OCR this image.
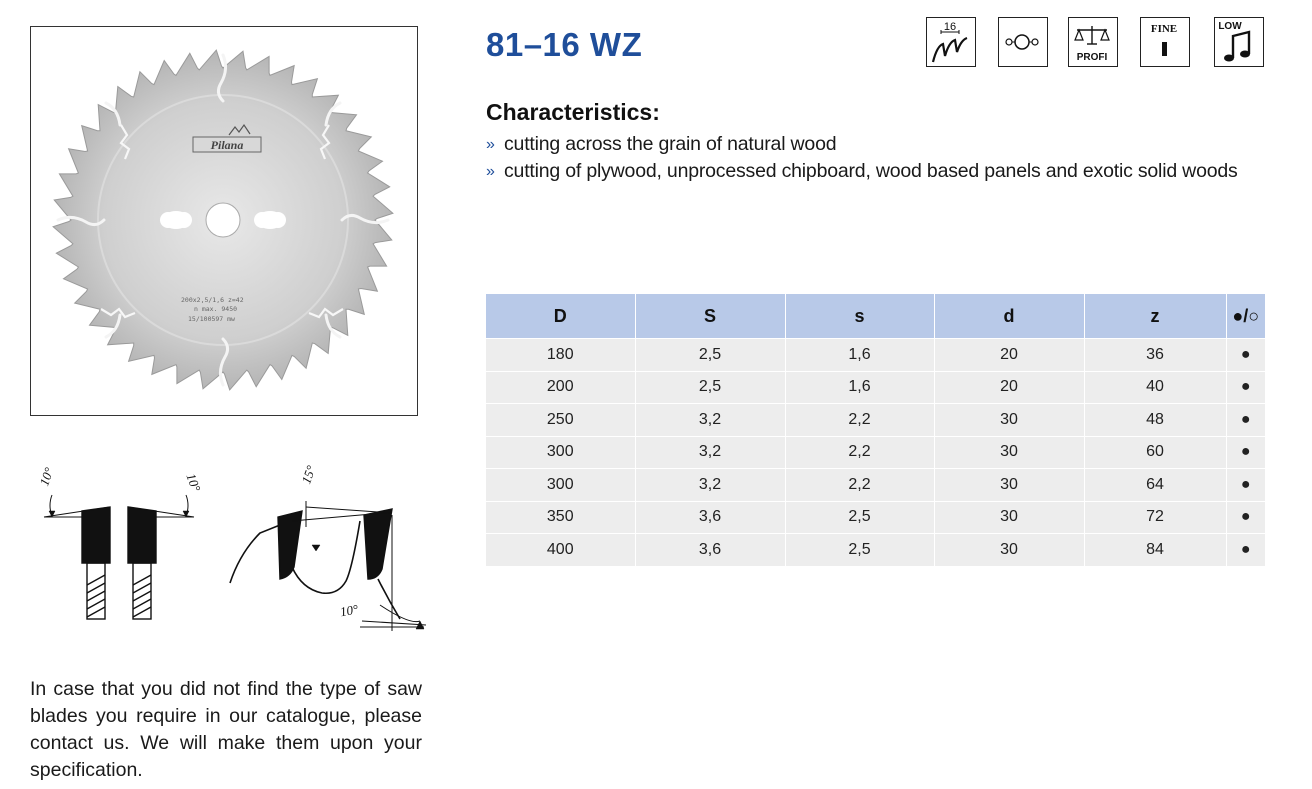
Pilana
200x2,5/1,6 z=42
n max. 9450
15/100597 mw
81–16 WZ	16
PROFI
FINE	LOW
Characteristics:
» cutting across the grain of natural wood
» cutting of plywood, unprocessed chipboard, wood based panels and exotic solid woods
D	S	s	d	z	●/○
180	2,5	1,6	20	36	●
200	2,5	1,6	20	40	●
250	3,2	2,2	30	48	●
300	3,2	2,2	30	60	●
300	3,2	2,2	30	64	●
350	3,6	2,5	30	72	●
400	3,6	2,5	30	84	●
10°	10°	15°
10°
In case that you did not find the type of saw blades you require in our catalogue, please contact us. We will make them upon your specification.
